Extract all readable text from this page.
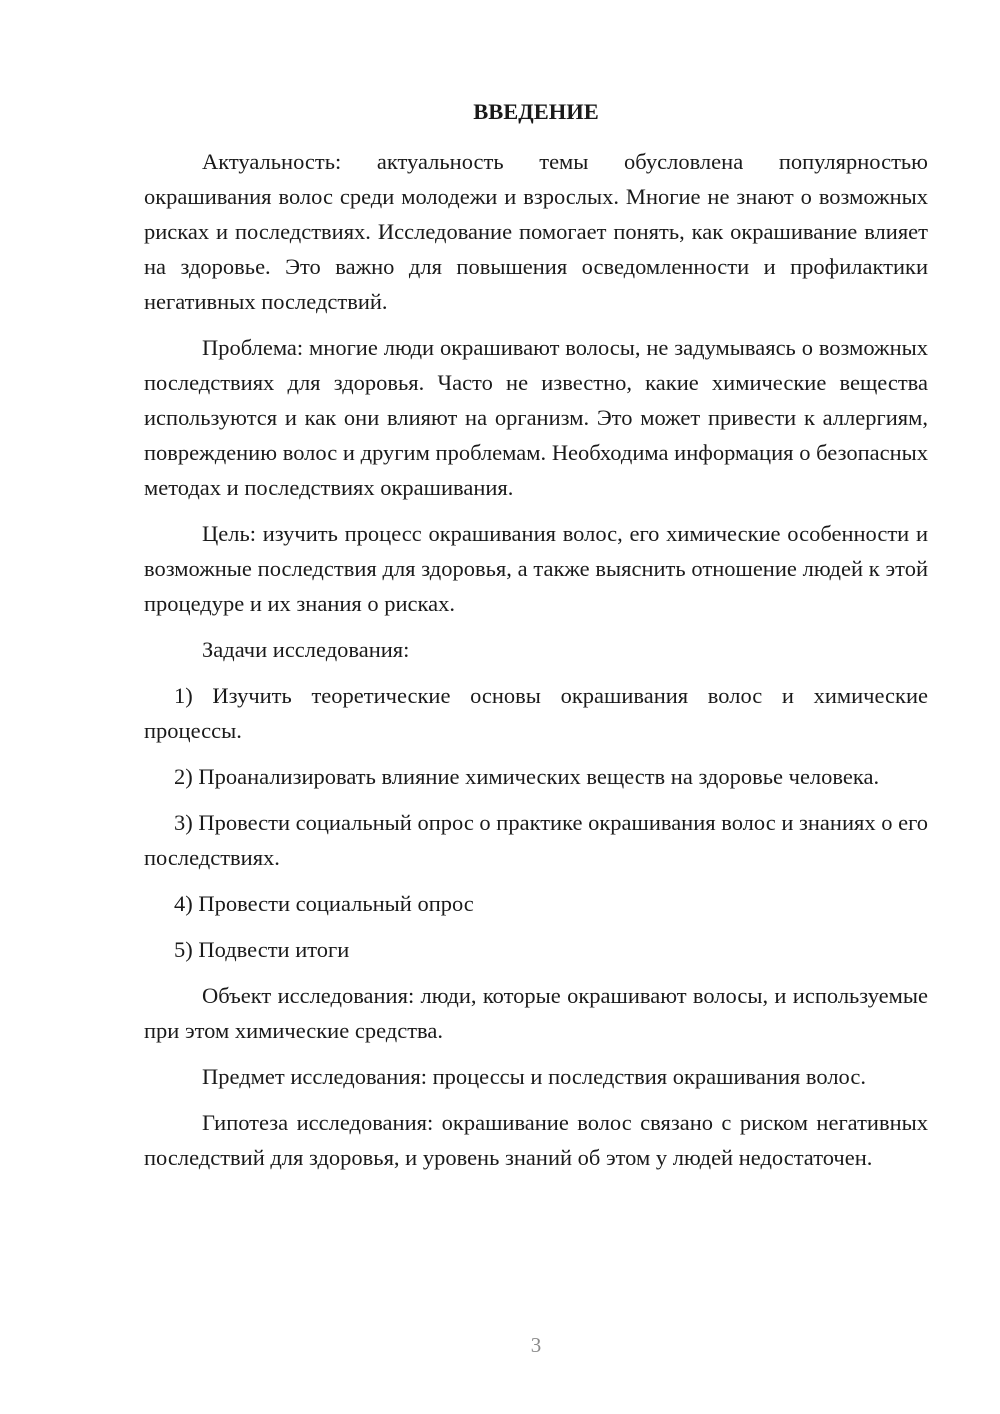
ВВЕДЕНИЕ

Актуальность: актуальность темы обусловлена популярностью окрашивания волос среди молодежи и взрослых. Многие не знают о возможных рисках и последствиях. Исследование помогает понять, как окрашивание влияет на здоровье. Это важно для повышения осведомленности и профилактики негативных последствий.

Проблема: многие люди окрашивают волосы, не задумываясь о возможных последствиях для здоровья. Часто не известно, какие химические вещества используются и как они влияют на организм. Это может привести к аллергиям, повреждению волос и другим проблемам. Необходима информация о безопасных методах и последствиях окрашивания.

Цель: изучить процесс окрашивания волос, его химические особенности и возможные последствия для здоровья, а также выяснить отношение людей к этой процедуре и их знания о рисках.

Задачи исследования:

1) Изучить теоретические основы окрашивания волос и химические процессы.

2) Проанализировать влияние химических веществ на здоровье человека.

3) Провести социальный опрос о практике окрашивания волос и знаниях о его последствиях.

4) Провести социальный опрос

5) Подвести итоги

Объект исследования: люди, которые окрашивают волосы, и используемые при этом химические средства.

Предмет исследования: процессы и последствия окрашивания волос.

Гипотеза исследования: окрашивание волос связано с риском негативных последствий для здоровья, и уровень знаний об этом у людей недостаточен.

3
